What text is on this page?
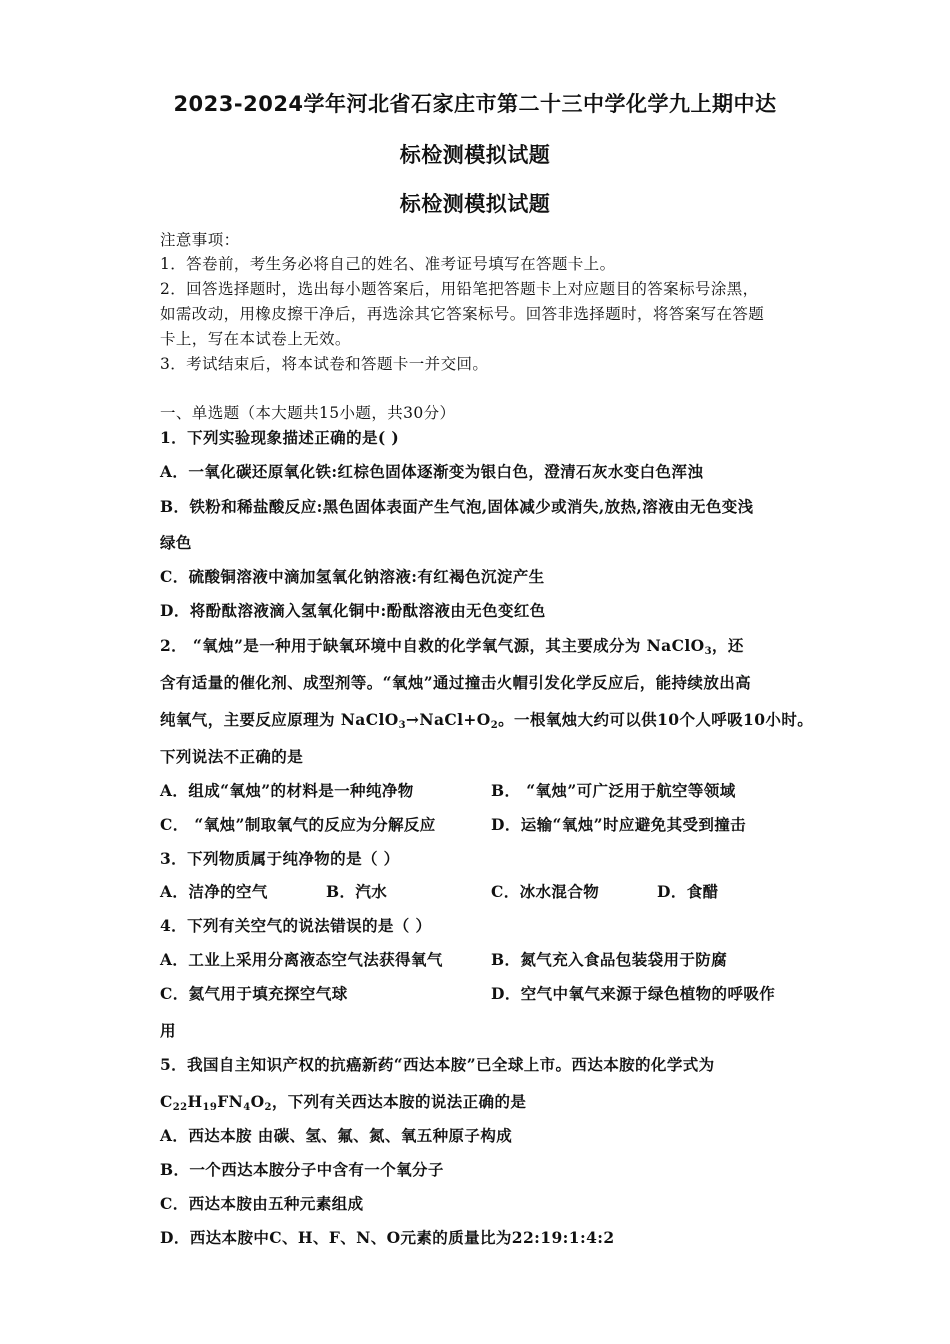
2023-2024学年河北省石家庄市第二十三中学化学九上期中达
标检测模拟试题
标检测模拟试题
注意事项：
1．答卷前，考生务必将自己的姓名、准考证号填写在答题卡上。
2．回答选择题时，选出每小题答案后，用铅笔把答题卡上对应题目的答案标号涂黑，
如需改动，用橡皮擦干净后，再选涂其它答案标号。回答非选择题时，将答案写在答题
卡上，写在本试卷上无效。
3．考试结束后，将本试卷和答题卡一并交回。
一、单选题（本大题共15小题，共30分）
1．下列实验现象描述正确的是( )
A．一氧化碳还原氧化铁:红棕色固体逐渐变为银白色，澄清石灰水变白色浑浊
B．铁粉和稀盐酸反应:黑色固体表面产生气泡,固体减少或消失,放热,溶液由无色变浅
绿色
C．硫酸铜溶液中滴加氢氧化钠溶液:有红褐色沉淀产生
D．将酚酞溶液滴入氢氧化铜中:酚酞溶液由无色变红色
2． “氧烛”是一种用于缺氧环境中自救的化学氧气源，其主要成分为 NaClO$_3$，还
含有适量的催化剂、成型剂等。“氧烛”通过撞击火帽引发化学反应后，能持续放出高
纯氧气，主要反应原理为 $NaClO_3\to NaCl+O_2$。一根氧烛大约可以供10个人呼吸10小时。
下列说法不正确的是
A．组成“氧烛”的材料是一种纯净物	B． “氧烛”可广泛用于航空等领域
C． “氧烛”制取氧气的反应为分解反应	D．运输“氧烛”时应避免其受到撞击
3．下列物质属于纯净物的是（ ）
A．洁净的空气	B．汽水	C．冰水混合物	D．食醋
4．下列有关空气的说法错误的是（ ）
A．工业上采用分离液态空气法获得氧气	B．氮气充入食品包装袋用于防腐
C．氦气用于填充探空气球	D．空气中氧气来源于绿色植物的呼吸作
用
5．我国自主知识产权的抗癌新药“西达本胺”已全球上市。西达本胺的化学式为
$C_{22}H_{19}FN_4O_2$，下列有关西达本胺的说法正确的是
A．西达本胺 由碳、氢、氟、氮、氧五种原子构成
B．一个西达本胺分子中含有一个氧分子
C．西达本胺由五种元素组成
D．西达本胺中C、H、F、N、O元素的质量比为22:19:1:4:2
